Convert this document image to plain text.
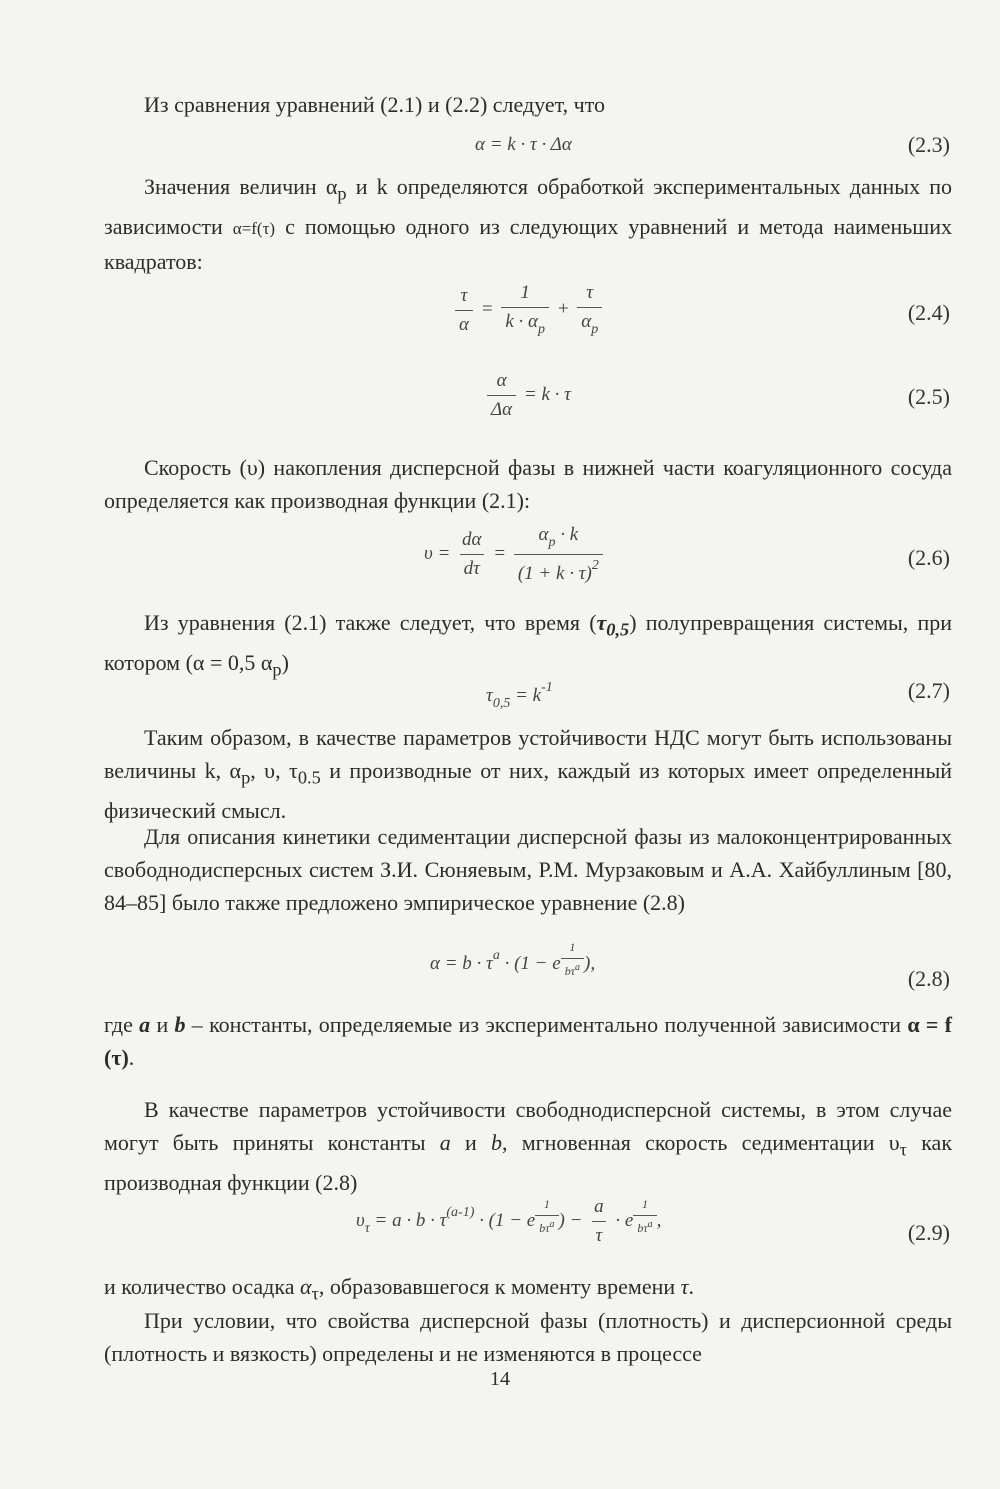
Из сравнения уравнений (2.1) и (2.2) следует, что

α = k · τ · Δα	(2.3)

Значения величин $\alpha_р$ и k определяются обработкой экспериментальных данных по зависимости α=f(τ) с помощью одного из следующих уравнений и метода наименьших квадратов:

$\frac{\tau}{\alpha} = \frac{1}{k \cdot \alpha_p} + \frac{\tau}{\alpha_p}$	(2.4)
$\frac{\alpha}{\Delta\alpha} = k \cdot \tau$	(2.5)

Скорость (υ) накопления дисперсной фазы в нижней части коагуляционного сосуда определяется как производная функции (2.1):

$\upsilon = \frac{d\alpha}{d\tau} = \frac{\alpha_p \cdot k}{(1 + k \cdot \tau)^2}$	(2.6)

Из уравнения (2.1) также следует, что время $(\tau_{0,5})$ полупревращения системы, при котором (α = 0,5 $\alpha_р$)

$\tau_{0,5} = k^{-1}$	(2.7)

Таким образом, в качестве параметров устойчивости НДС могут быть использованы величины k, $\alpha_р$, υ, $\tau_{0.5}$ и производные от них, каждый из которых имеет определенный физический смысл.

Для описания кинетики седиментации дисперсной фазы из малоконцентрированных свободнодисперсных систем З.И. Сюняевым, Р.М. Мурзаковым и А.А. Хайбуллиным [80, 84–85] было также предложено эмпирическое уравнение (2.8)

$\alpha = b \cdot \tau^a \cdot (1 - e \frac{1}{b\tau^a}$ ),
(2.8)

где a и b – константы, определяемые из экспериментально полученной зависимости α = f (τ).

В качестве параметров устойчивости свободнодисперсной системы, в этом случае могут быть приняты константы a и b, мгновенная скорость седиментации $\upsilon_\tau$ как производная функции (2.8)

$\upsilon_\tau = a \cdot b \cdot \tau^{(a-1)} \cdot (1 - e \frac{1}{b\tau^a}$ ) − $\frac{a}{\tau} \cdot e \frac{1}{b\tau^a}$ ,	(2.9)

и количество осадка $\alpha_\tau$, образовавшегося к моменту времени τ.

При условии, что свойства дисперсной фазы (плотность) и дисперсионной среды (плотность и вязкость) определены и не изменяются в процессе

14
